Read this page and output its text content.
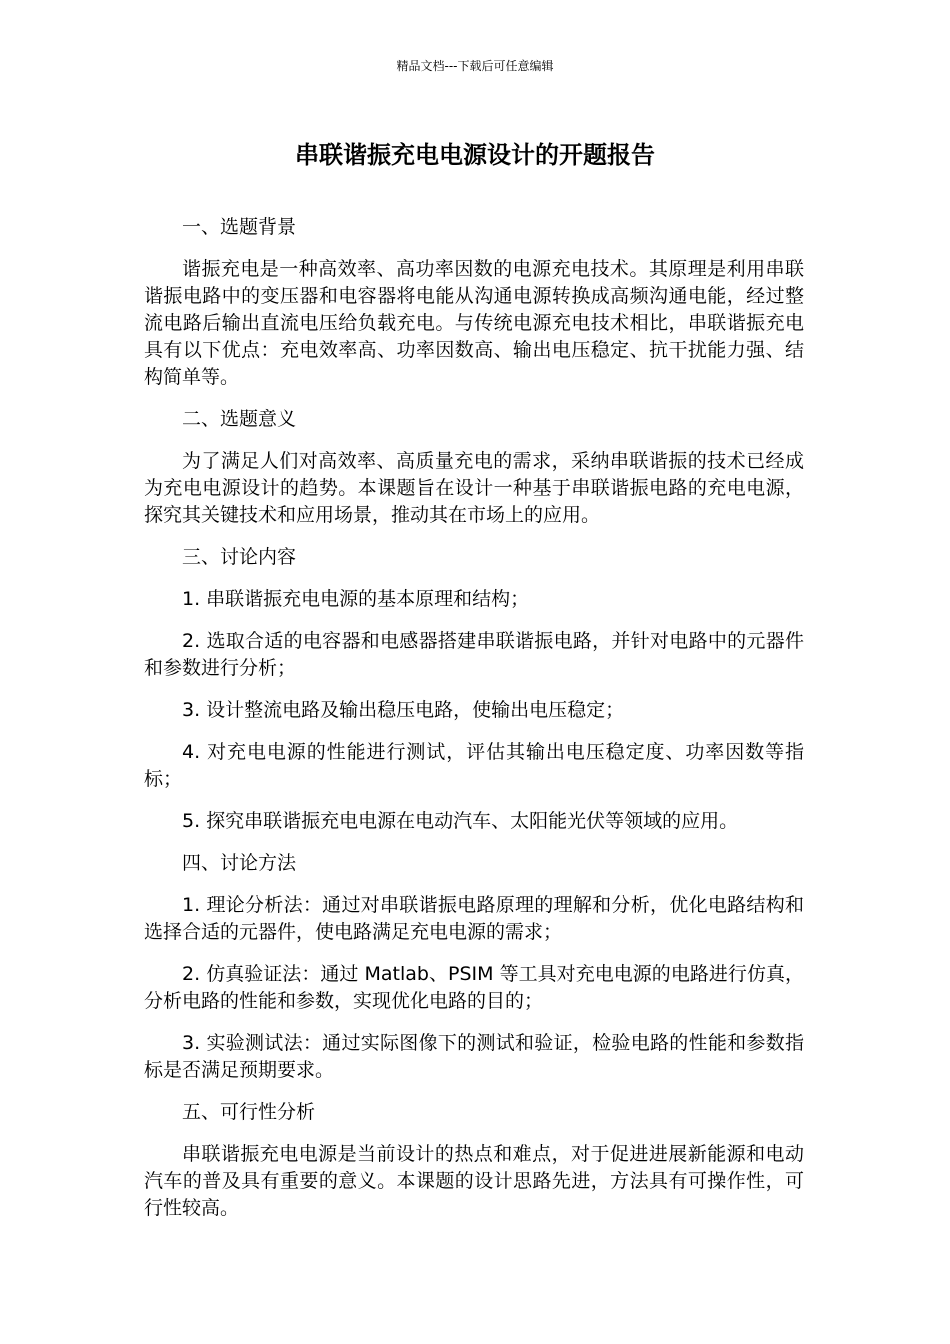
精品文档---下载后可任意编辑
串联谐振充电电源设计的开题报告
一、选题背景
谐振充电是一种高效率、高功率因数的电源充电技术。其原理是利用串联谐振电路中的变压器和电容器将电能从沟通电源转换成高频沟通电能，经过整流电路后输出直流电压给负载充电。与传统电源充电技术相比，串联谐振充电具有以下优点：充电效率高、功率因数高、输出电压稳定、抗干扰能力强、结构简单等。
二、选题意义
为了满足人们对高效率、高质量充电的需求，采纳串联谐振的技术已经成为充电电源设计的趋势。本课题旨在设计一种基于串联谐振电路的充电电源，探究其关键技术和应用场景，推动其在市场上的应用。
三、讨论内容
1. 串联谐振充电电源的基本原理和结构；
2. 选取合适的电容器和电感器搭建串联谐振电路，并针对电路中的元器件和参数进行分析；
3. 设计整流电路及输出稳压电路，使输出电压稳定；
4. 对充电电源的性能进行测试，评估其输出电压稳定度、功率因数等指标；
5. 探究串联谐振充电电源在电动汽车、太阳能光伏等领域的应用。
四、讨论方法
1. 理论分析法：通过对串联谐振电路原理的理解和分析，优化电路结构和选择合适的元器件，使电路满足充电电源的需求；
2. 仿真验证法：通过 Matlab、PSIM 等工具对充电电源的电路进行仿真，分析电路的性能和参数，实现优化电路的目的；
3. 实验测试法：通过实际图像下的测试和验证，检验电路的性能和参数指标是否满足预期要求。
五、可行性分析
串联谐振充电电源是当前设计的热点和难点，对于促进进展新能源和电动汽车的普及具有重要的意义。本课题的设计思路先进，方法具有可操作性，可行性较高。
